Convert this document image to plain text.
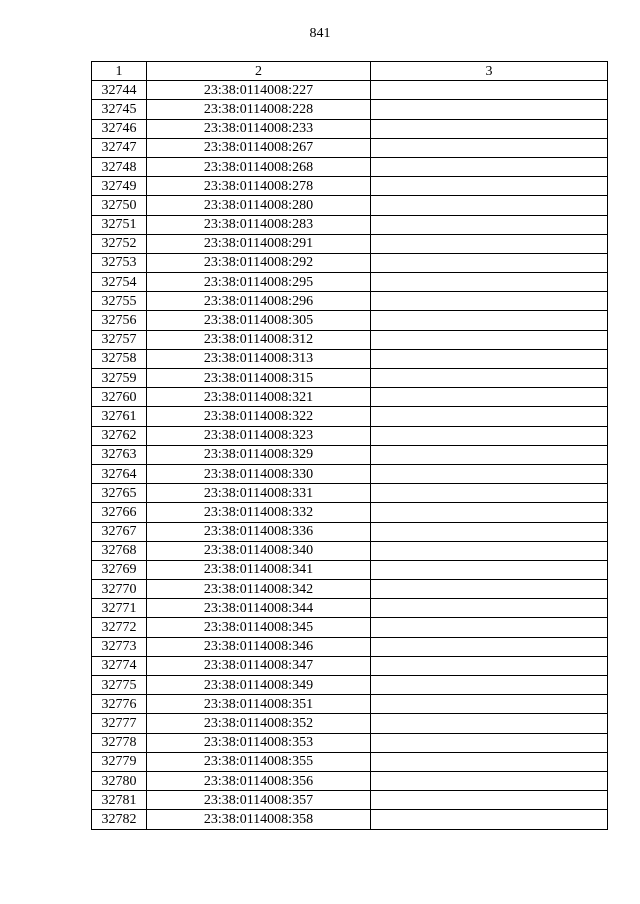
841
1	2	3
32744	23:38:0114008:227	
32745	23:38:0114008:228	
32746	23:38:0114008:233	
32747	23:38:0114008:267	
32748	23:38:0114008:268	
32749	23:38:0114008:278	
32750	23:38:0114008:280	
32751	23:38:0114008:283	
32752	23:38:0114008:291	
32753	23:38:0114008:292	
32754	23:38:0114008:295	
32755	23:38:0114008:296	
32756	23:38:0114008:305	
32757	23:38:0114008:312	
32758	23:38:0114008:313	
32759	23:38:0114008:315	
32760	23:38:0114008:321	
32761	23:38:0114008:322	
32762	23:38:0114008:323	
32763	23:38:0114008:329	
32764	23:38:0114008:330	
32765	23:38:0114008:331	
32766	23:38:0114008:332	
32767	23:38:0114008:336	
32768	23:38:0114008:340	
32769	23:38:0114008:341	
32770	23:38:0114008:342	
32771	23:38:0114008:344	
32772	23:38:0114008:345	
32773	23:38:0114008:346	
32774	23:38:0114008:347	
32775	23:38:0114008:349	
32776	23:38:0114008:351	
32777	23:38:0114008:352	
32778	23:38:0114008:353	
32779	23:38:0114008:355	
32780	23:38:0114008:356	
32781	23:38:0114008:357	
32782	23:38:0114008:358	
